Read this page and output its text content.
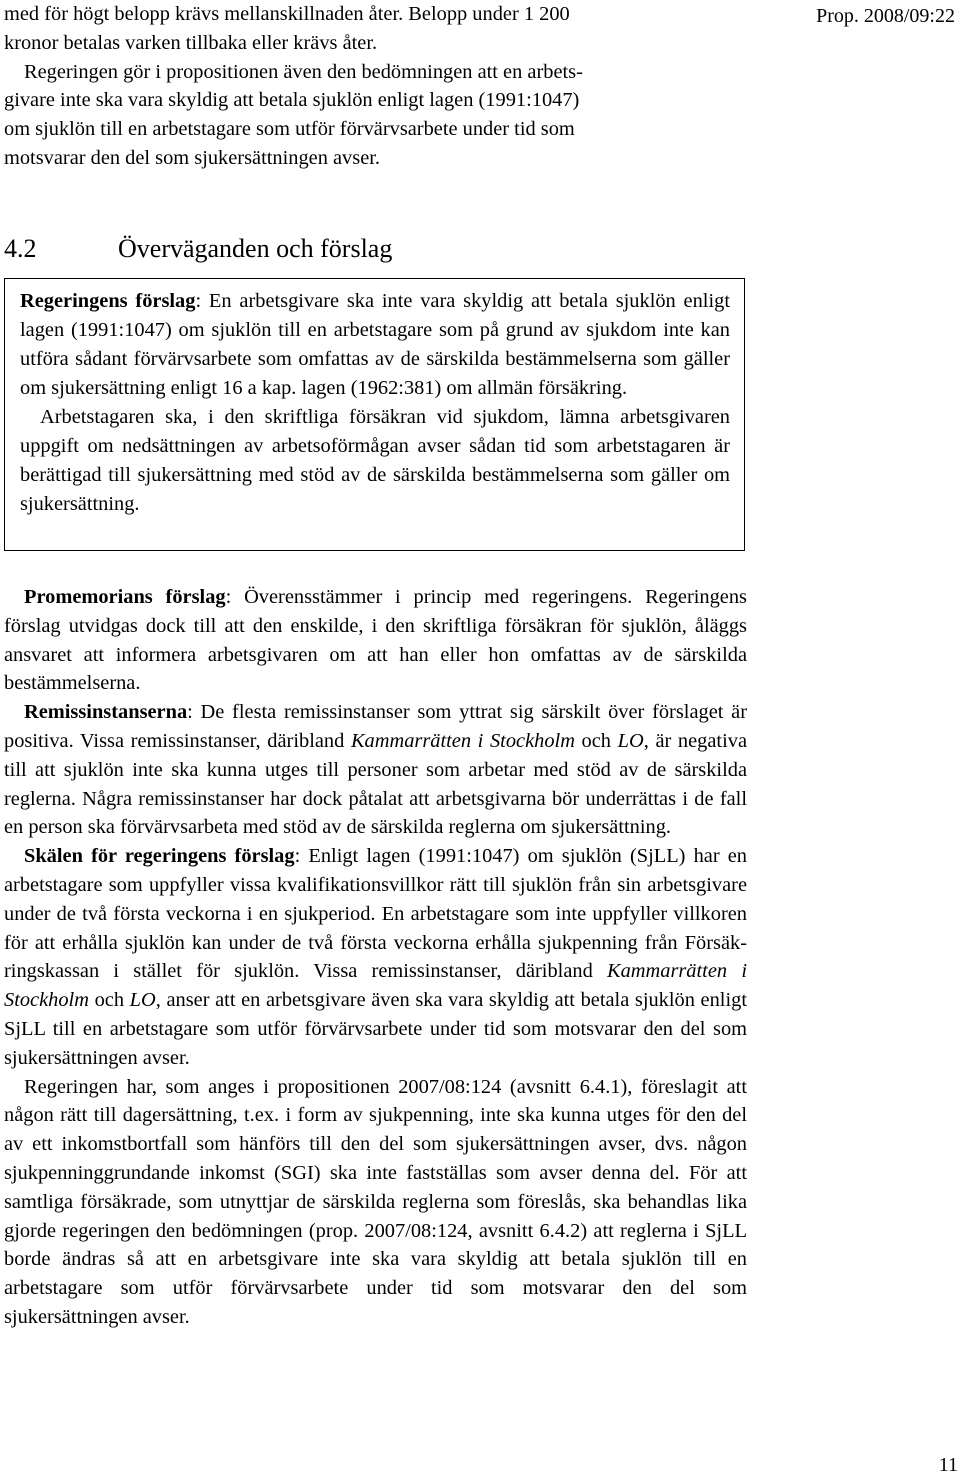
Prop. 2008/09:22

med för högt belopp krävs mellanskillnaden åter. Belopp under 1 200
kronor betalas varken tillbaka eller krävs åter.

Regeringen gör i propositionen även den bedömningen att en arbets-
givare inte ska vara skyldig att betala sjuklön enligt lagen (1991:1047)
om sjuklön till en arbetstagare som utför förvärvsarbete under tid som
motsvarar den del som sjukersättningen avser.

4.2	Överväganden och förslag

Regeringens förslag: En arbetsgivare ska inte vara skyldig att betala sjuklön enligt lagen (1991:1047) om sjuklön till en arbetstagare som på grund av sjukdom inte kan utföra sådant förvärvsarbete som omfattas av de särskilda bestämmelserna som gäller om sjukersättning enligt 16 a kap. lagen (1962:381) om allmän försäkring.

Arbetstagaren ska, i den skriftliga försäkran vid sjukdom, lämna arbetsgivaren uppgift om nedsättningen av arbetsoförmågan avser sådan tid som arbetstagaren är berättigad till sjukersättning med stöd av de särskilda bestämmelserna som gäller om sjukersättning.

Promemorians förslag: Överensstämmer i princip med regeringens. Regeringens förslag utvidgas dock till att den enskilde, i den skriftliga försäkran för sjuklön, åläggs ansvaret att informera arbetsgivaren om att han eller hon omfattas av de särskilda bestämmelserna.

Remissinstanserna: De flesta remissinstanser som yttrat sig särskilt över förslaget är positiva. Vissa remissinstanser, däribland Kammarrätten i Stockholm och LO, är negativa till att sjuklön inte ska kunna utges till personer som arbetar med stöd av de särskilda reglerna. Några remissinstanser har dock påtalat att arbetsgivarna bör underrättas i de fall en person ska förvärvsarbeta med stöd av de särskilda reglerna om sjukersättning.

Skälen för regeringens förslag: Enligt lagen (1991:1047) om sjuklön (SjLL) har en arbetstagare som uppfyller vissa kvalifikationsvillkor rätt till sjuklön från sin arbetsgivare under de två första veckorna i en sjukperiod. En arbetstagare som inte uppfyller villkoren för att erhålla sjuklön kan under de två första veckorna erhålla sjukpenning från Försäkringskassan i stället för sjuklön. Vissa remissinstanser, däribland Kammarrätten i Stockholm och LO, anser att en arbetsgivare även ska vara skyldig att betala sjuklön enligt SjLL till en arbetstagare som utför förvärvsarbete under tid som motsvarar den del som sjukersättningen avser.

Regeringen har, som anges i propositionen 2007/08:124 (avsnitt 6.4.1), föreslagit att någon rätt till dagersättning, t.ex. i form av sjukpenning, inte ska kunna utges för den del av ett inkomstbortfall som hänförs till den del som sjukersättningen avser, dvs. någon sjukpenninggrundande inkomst (SGI) ska inte fastställas som avser denna del. För att samtliga försäkrade, som utnyttjar de särskilda reglerna som föreslås, ska behandlas lika gjorde regeringen den bedömningen (prop. 2007/08:124, avsnitt 6.4.2) att reglerna i SjLL borde ändras så att en arbetsgivare inte ska vara skyldig att betala sjuklön till en arbetstagare som utför förvärvsarbete under tid som motsvarar den del som sjukersättningen avser.

11
